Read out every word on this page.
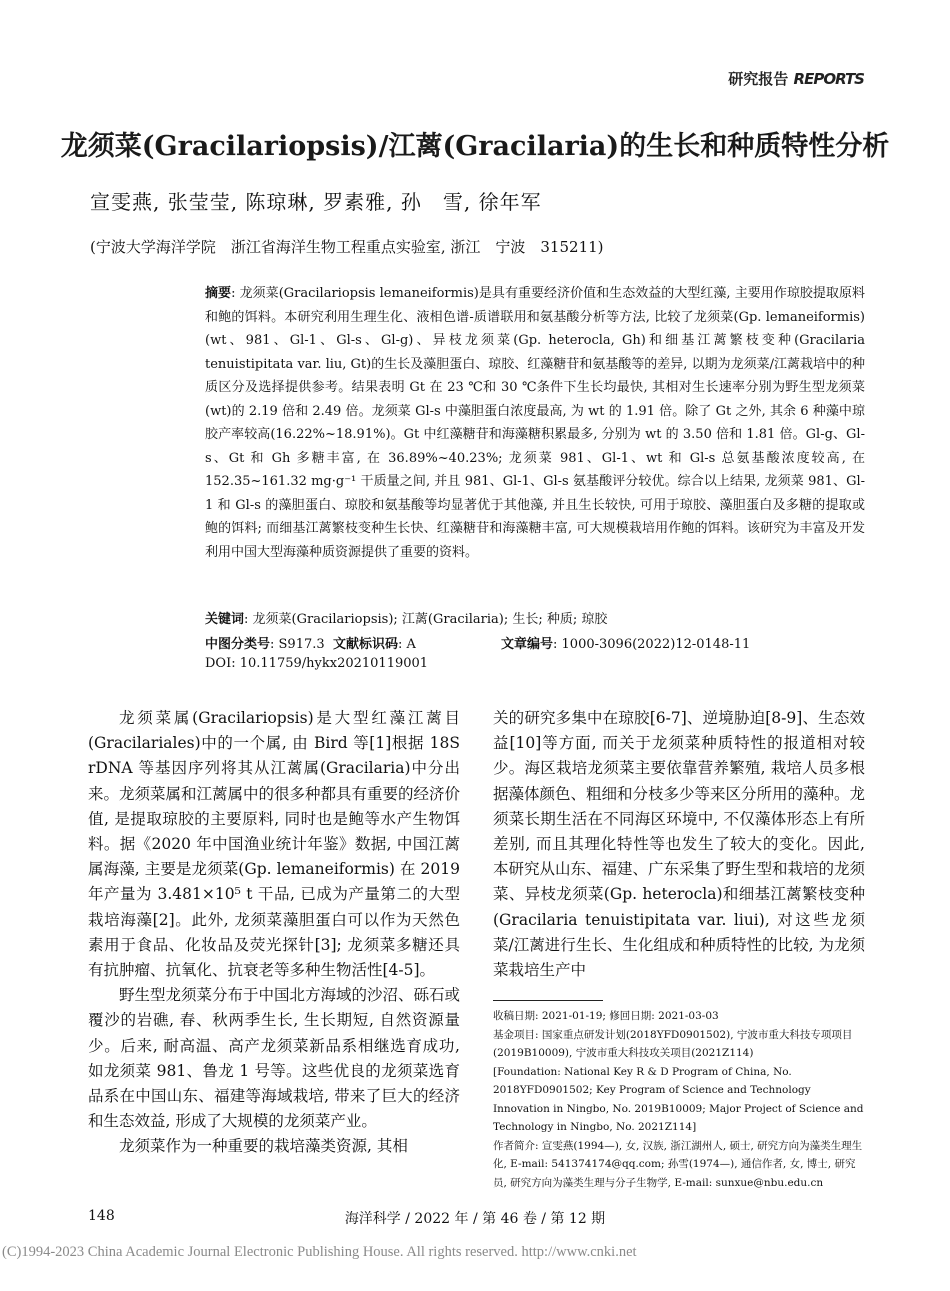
研究报告 REPORTS
龙须菜(Gracilariopsis)/江蓠(Gracilaria)的生长和种质特性分析
宣雯燕, 张莹莹, 陈琼琳, 罗素雅, 孙　雪, 徐年军
(宁波大学海洋学院　浙江省海洋生物工程重点实验室, 浙江　宁波　315211)
摘要: 龙须菜(Gracilariopsis lemaneiformis)是具有重要经济价值和生态效益的大型红藻, 主要用作琼胶提取原料和鲍的饵料。本研究利用生理生化、液相色谱-质谱联用和氨基酸分析等方法, 比较了龙须菜(Gp. lemaneiformis) (wt、981、Gl-1、Gl-s、Gl-g)、异枝龙须菜(Gp. heterocla, Gh)和细基江蓠繁枝变种(Gracilaria tenuistipitata var. liu, Gt)的生长及藻胆蛋白、琼胶、红藻糖苷和氨基酸等的差异, 以期为龙须菜/江蓠栽培中的种质区分及选择提供参考。结果表明 Gt 在 23 ℃和 30 ℃条件下生长均最快, 其相对生长速率分别为野生型龙须菜(wt)的 2.19 倍和 2.49 倍。龙须菜 Gl-s 中藻胆蛋白浓度最高, 为 wt 的 1.91 倍。除了 Gt 之外, 其余 6 种藻中琼胶产率较高(16.22%~18.91%)。Gt 中红藻糖苷和海藻糖积累最多, 分别为 wt 的 3.50 倍和 1.81 倍。Gl-g、Gl-s、Gt 和 Gh 多糖丰富, 在 36.89%~40.23%; 龙须菜 981、Gl-1、wt 和 Gl-s 总氨基酸浓度较高, 在 152.35~161.32 mg·g⁻¹ 干质量之间, 并且 981、Gl-1、Gl-s 氨基酸评分较优。综合以上结果, 龙须菜 981、Gl-1 和 Gl-s 的藻胆蛋白、琼胶和氨基酸等均显著优于其他藻, 并且生长较快, 可用于琼胶、藻胆蛋白及多糖的提取或鲍的饵料; 而细基江蓠繁枝变种生长快、红藻糖苷和海藻糖丰富, 可大规模栽培用作鲍的饵料。该研究为丰富及开发利用中国大型海藻种质资源提供了重要的资料。
关键词: 龙须菜(Gracilariopsis); 江蓠(Gracilaria); 生长; 种质; 琼胶
中图分类号: S917.3 文献标识码: A	文章编号: 1000-3096(2022)12-0148-11
DOI: 10.11759/hykx20210119001

龙须菜属(Gracilariopsis)是大型红藻江蓠目(Gracilariales)中的一个属, 由 Bird 等[1]根据 18S rDNA 等基因序列将其从江蓠属(Gracilaria)中分出来。龙须菜属和江蓠属中的很多种都具有重要的经济价值, 是提取琼胶的主要原料, 同时也是鲍等水产生物饵料。据《2020 年中国渔业统计年鉴》数据, 中国江蓠属海藻, 主要是龙须菜(Gp. lemaneiformis) 在 2019 年产量为 3.481×10⁵ t 干品, 已成为产量第二的大型栽培海藻[2]。此外, 龙须菜藻胆蛋白可以作为天然色素用于食品、化妆品及荧光探针[3]; 龙须菜多糖还具有抗肿瘤、抗氧化、抗衰老等多种生物活性[4-5]。

野生型龙须菜分布于中国北方海域的沙沼、砾石或覆沙的岩礁, 春、秋两季生长, 生长期短, 自然资源量少。后来, 耐高温、高产龙须菜新品系相继选育成功, 如龙须菜 981、鲁龙 1 号等。这些优良的龙须菜选育品系在中国山东、福建等海域栽培, 带来了巨大的经济和生态效益, 形成了大规模的龙须菜产业。

龙须菜作为一种重要的栽培藻类资源, 其相

关的研究多集中在琼胶[6-7]、逆境胁迫[8-9]、生态效益[10]等方面, 而关于龙须菜种质特性的报道相对较少。海区栽培龙须菜主要依靠营养繁殖, 栽培人员多根据藻体颜色、粗细和分枝多少等来区分所用的藻种。龙须菜长期生活在不同海区环境中, 不仅藻体形态上有所差别, 而且其理化特性等也发生了较大的变化。因此, 本研究从山东、福建、广东采集了野生型和栽培的龙须菜、异枝龙须菜(Gp. heterocla)和细基江蓠繁枝变种(Gracilaria tenuistipitata var. liui), 对这些龙须菜/江蓠进行生长、生化组成和种质特性的比较, 为龙须菜栽培生产中

收稿日期: 2021-01-19; 修回日期: 2021-03-03

基金项目: 国家重点研发计划(2018YFD0901502), 宁波市重大科技专项项目(2019B10009), 宁波市重大科技攻关项目(2021Z114)

[Foundation: National Key R & D Program of China, No. 2018YFD0901502; Key Program of Science and Technology Innovation in Ningbo, No. 2019B10009; Major Project of Science and Technology in Ningbo, No. 2021Z114]

作者简介: 宣雯燕(1994—), 女, 汉族, 浙江湖州人, 硕士, 研究方向为藻类生理生化, E-mail: 541374174@qq.com; 孙雪(1974—), 通信作者, 女, 博士, 研究员, 研究方向为藻类生理与分子生物学, E-mail: sunxue@nbu.edu.cn

148	海洋科学 / 2022 年 / 第 46 卷 / 第 12 期
(C)1994-2023 China Academic Journal Electronic Publishing House. All rights reserved. http://www.cnki.net
